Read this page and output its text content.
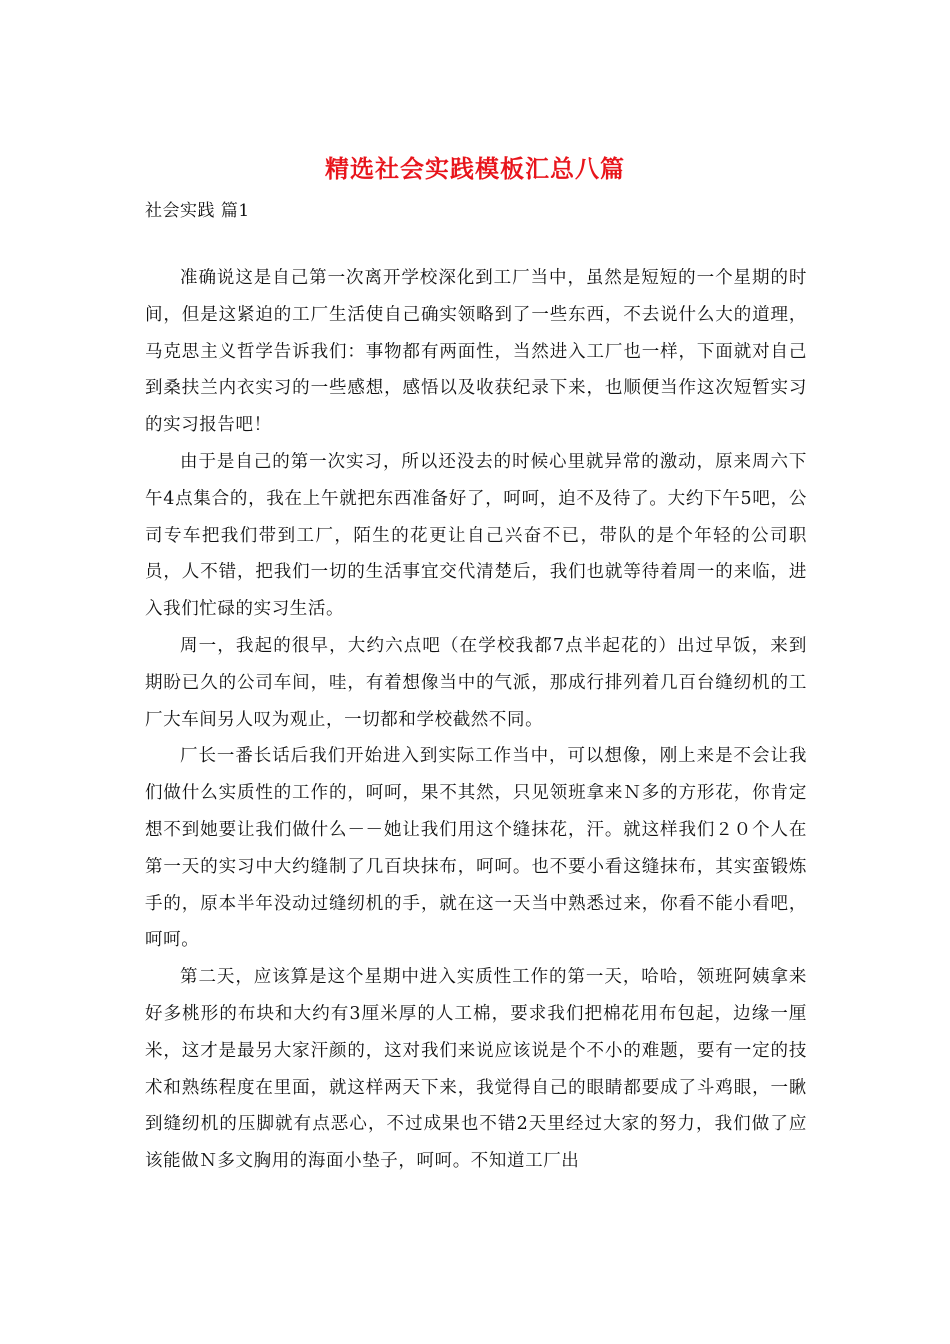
精选社会实践模板汇总八篇
社会实践 篇1

准确说这是自己第一次离开学校深化到工厂当中，虽然是短短的一个星期的时间，但是这紧迫的工厂生活使自己确实领略到了一些东西，不去说什么大的道理，马克思主义哲学告诉我们：事物都有两面性，当然进入工厂也一样，下面就对自己到桑扶兰内衣实习的一些感想，感悟以及收获纪录下来，也顺便当作这次短暂实习的实习报告吧！

由于是自己的第一次实习，所以还没去的时候心里就异常的激动，原来周六下午4点集合的，我在上午就把东西准备好了，呵呵，迫不及待了。大约下午5吧，公司专车把我们带到工厂，陌生的花更让自己兴奋不已，带队的是个年轻的公司职员，人不错，把我们一切的生活事宜交代清楚后，我们也就等待着周一的来临，进入我们忙碌的实习生活。

周一，我起的很早，大约六点吧（在学校我都7点半起花的）出过早饭，来到期盼已久的公司车间，哇，有着想像当中的气派，那成行排列着几百台缝纫机的工厂大车间另人叹为观止，一切都和学校截然不同。

厂长一番长话后我们开始进入到实际工作当中，可以想像，刚上来是不会让我们做什么实质性的工作的，呵呵，果不其然，只见领班拿来Ｎ多的方形花，你肯定想不到她要让我们做什么－－她让我们用这个缝抹花，汗。就这样我们２０个人在第一天的实习中大约缝制了几百块抹布，呵呵。也不要小看这缝抹布，其实蛮锻炼手的，原本半年没动过缝纫机的手，就在这一天当中熟悉过来，你看不能小看吧，呵呵。

第二天，应该算是这个星期中进入实质性工作的第一天，哈哈，领班阿姨拿来好多桃形的布块和大约有3厘米厚的人工棉，要求我们把棉花用布包起，边缘一厘米，这才是最另大家汗颜的，这对我们来说应该说是个不小的难题，要有一定的技术和熟练程度在里面，就这样两天下来，我觉得自己的眼睛都要成了斗鸡眼，一瞅到缝纫机的压脚就有点恶心，不过成果也不错2天里经过大家的努力，我们做了应该能做Ｎ多文胸用的海面小垫子，呵呵。不知道工厂出
